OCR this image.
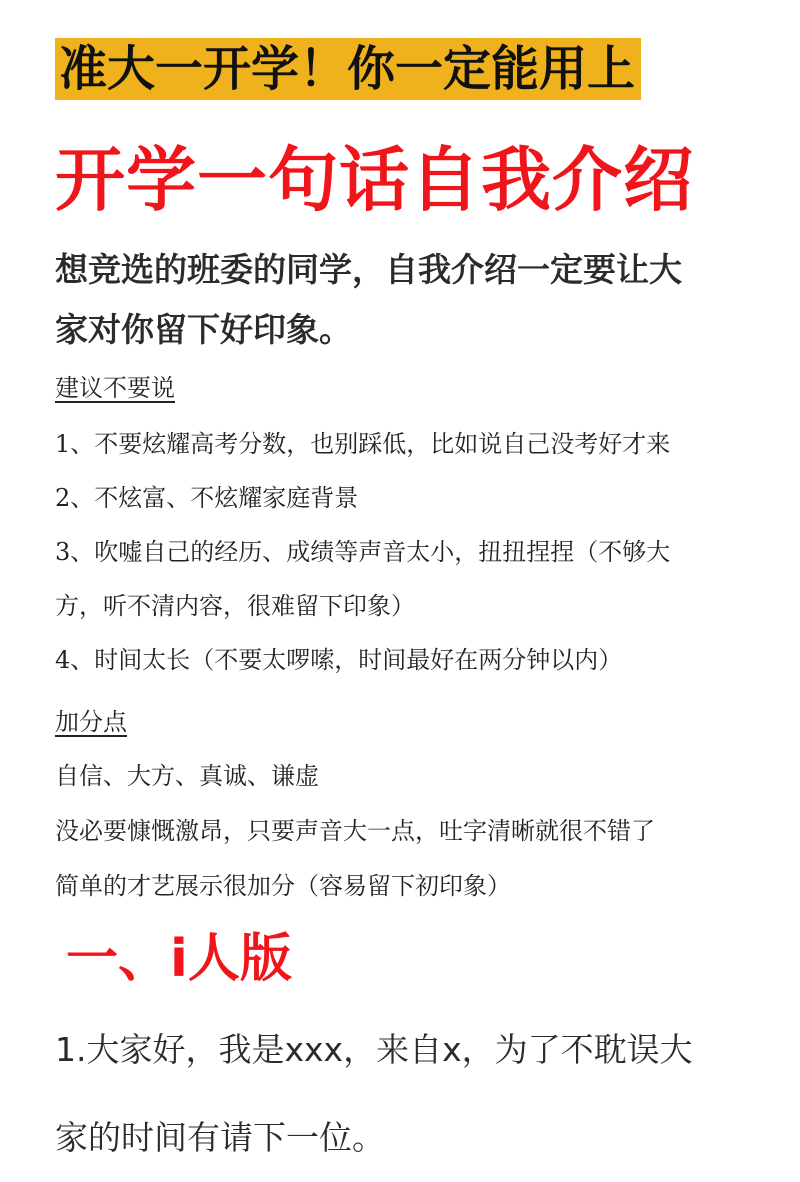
准大一开学！你一定能用上
开学一句话自我介绍
想竞选的班委的同学，自我介绍一定要让大
家对你留下好印象。
建议不要说
1、不要炫耀高考分数，也别踩低，比如说自己没考好才来
2、不炫富、不炫耀家庭背景
3、吹嘘自己的经历、成绩等声音太小，扭扭捏捏（不够大
方，听不清内容，很难留下印象）
4、时间太长（不要太啰嗦，时间最好在两分钟以内）
加分点
自信、大方、真诚、谦虚
没必要慷慨激昂，只要声音大一点，吐字清晰就很不错了
简单的才艺展示很加分（容易留下初印象）
一、i人版
1.大家好，我是xxx，来自x，为了不耽误大
家的时间有请下一位。
